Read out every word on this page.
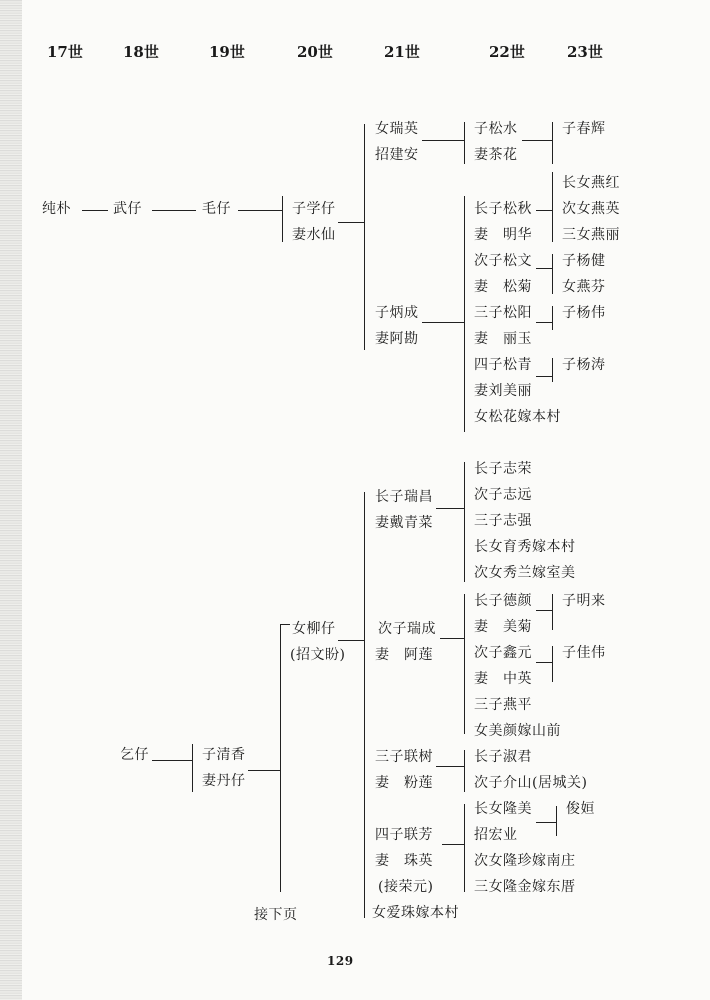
17世	18世	19世	20世	21世	22世	23世
纯朴	武仔	毛仔	子学仔
妻水仙
女瑞英
招建安
子松水
妻茶花
子春辉
子炳成
妻阿勘
长子松秋
妻　明华
长女燕红
次女燕英
三女燕丽
次子松文
妻　松菊
子杨健
女燕芬
三子松阳
妻　丽玉
子杨伟
四子松青
妻刘美丽
子杨涛
女松花嫁本村
乞仔	子清香
妻丹仔
女柳仔
(招文盼)
接下页
长子瑞昌
妻戴青菜
长子志荣
次子志远
三子志强
长女育秀嫁本村
次女秀兰嫁室美
次子瑞成
妻　阿莲
长子德颜
妻　美菊
子明来
次子鑫元
妻　中英
子佳伟
三子燕平
女美颜嫁山前
三子联树
妻　粉莲
长子淑君
次子介山(居城关)
四子联芳
妻　珠英
(接荣元)
长女隆美
招宏业
俊姮
次女隆珍嫁南庄
三女隆金嫁东厝
女爱珠嫁本村
129
